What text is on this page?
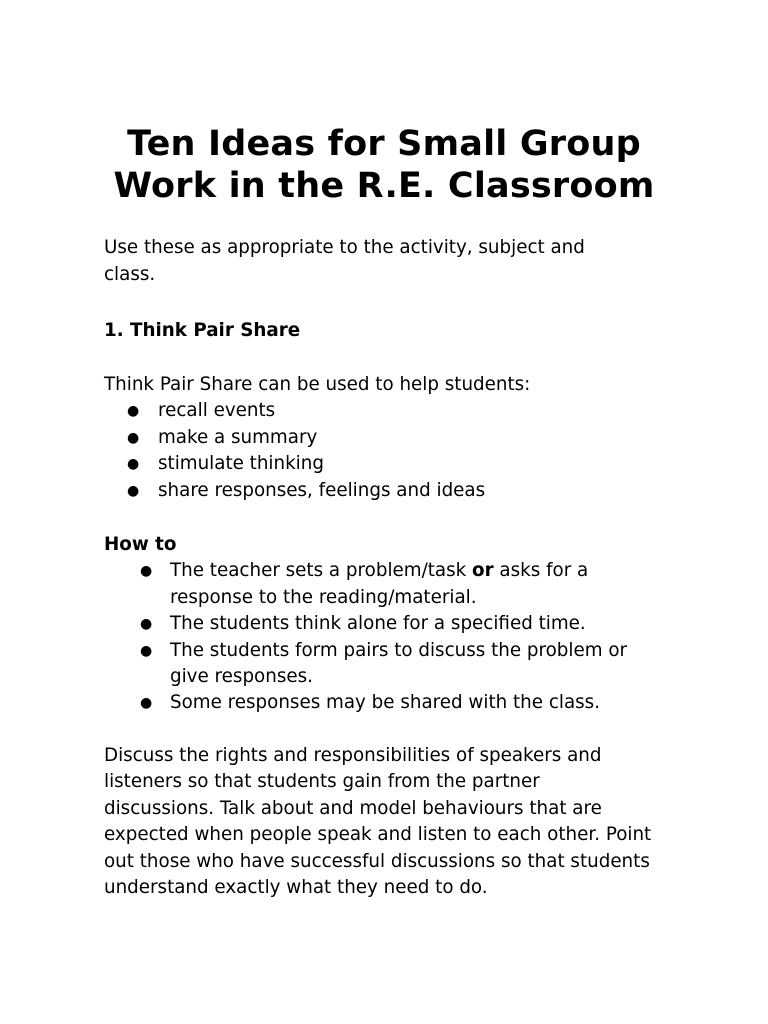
Ten Ideas for Small Group
Work in the R.E. Classroom

Use these as appropriate to the activity, subject and

class.

1. Think Pair Share

Think Pair Share can be used to help students:

● recall events

● make a summary

● stimulate thinking

● share responses, feelings and ideas

How to

● The teacher sets a problem/task or asks for a

response to the reading/material.

● The students think alone for a specified time.

● The students form pairs to discuss the problem or

give responses.

● Some responses may be shared with the class.

Discuss the rights and responsibilities of speakers and

listeners so that students gain from the partner

discussions. Talk about and model behaviours that are

expected when people speak and listen to each other. Point

out those who have successful discussions so that students

understand exactly what they need to do.
